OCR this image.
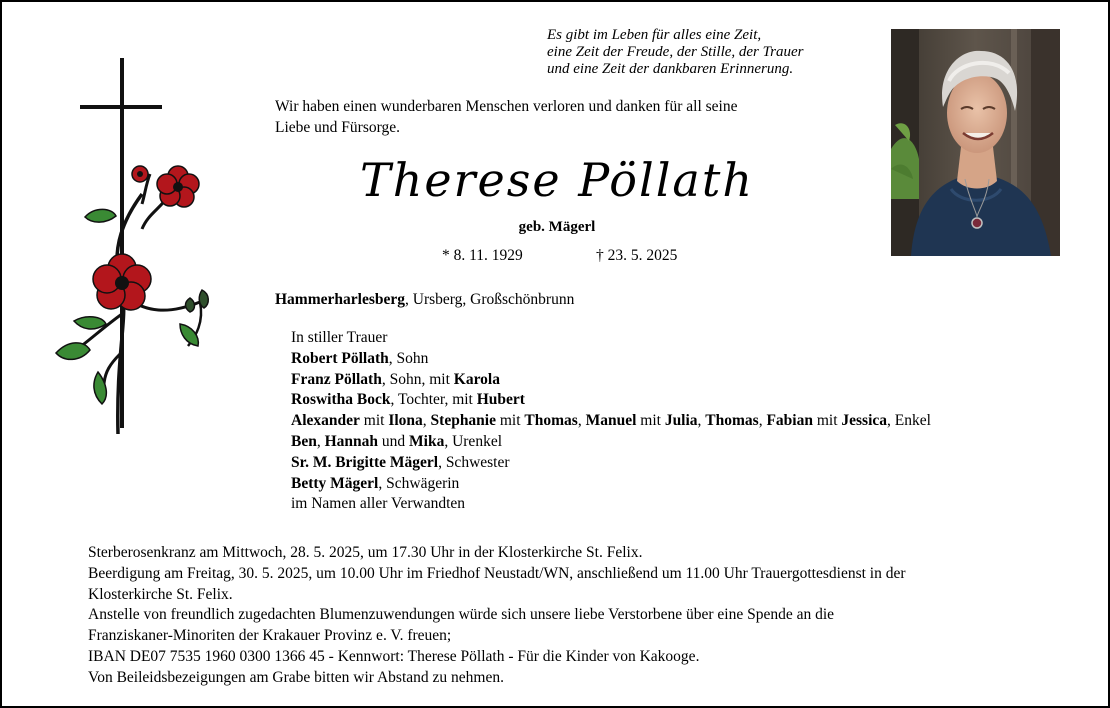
Es gibt im Leben für alles eine Zeit,
eine Zeit der Freude, der Stille, der Trauer
und eine Zeit der dankbaren Erinnerung.
Wir haben einen wunderbaren Menschen verloren und danken für all seine
Liebe und Fürsorge.
Therese Pöllath
geb. Mägerl
* 8. 11. 1929	† 23. 5. 2025
Hammerharlesberg, Ursberg, Großschönbrunn
In stiller Trauer
Robert Pöllath, Sohn
Franz Pöllath, Sohn, mit Karola
Roswitha Bock, Tochter, mit Hubert
Alexander mit Ilona, Stephanie mit Thomas, Manuel mit Julia, Thomas, Fabian mit Jessica, Enkel
Ben, Hannah und Mika, Urenkel
Sr. M. Brigitte Mägerl, Schwester
Betty Mägerl, Schwägerin
im Namen aller Verwandten
Sterberosenkranz am Mittwoch, 28. 5. 2025, um 17.30 Uhr in der Klosterkirche St. Felix.
Beerdigung am Freitag, 30. 5. 2025, um 10.00 Uhr im Friedhof Neustadt/WN, anschließend um 11.00 Uhr Trauergottesdienst in der
Klosterkirche St. Felix.
Anstelle von freundlich zugedachten Blumenzuwendungen würde sich unsere liebe Verstorbene über eine Spende an die
Franziskaner-Minoriten der Krakauer Provinz e. V. freuen;
IBAN DE07 7535 1960 0300 1366 45 - Kennwort: Therese Pöllath - Für die Kinder von Kakooge.
Von Beileidsbezeigungen am Grabe bitten wir Abstand zu nehmen.
